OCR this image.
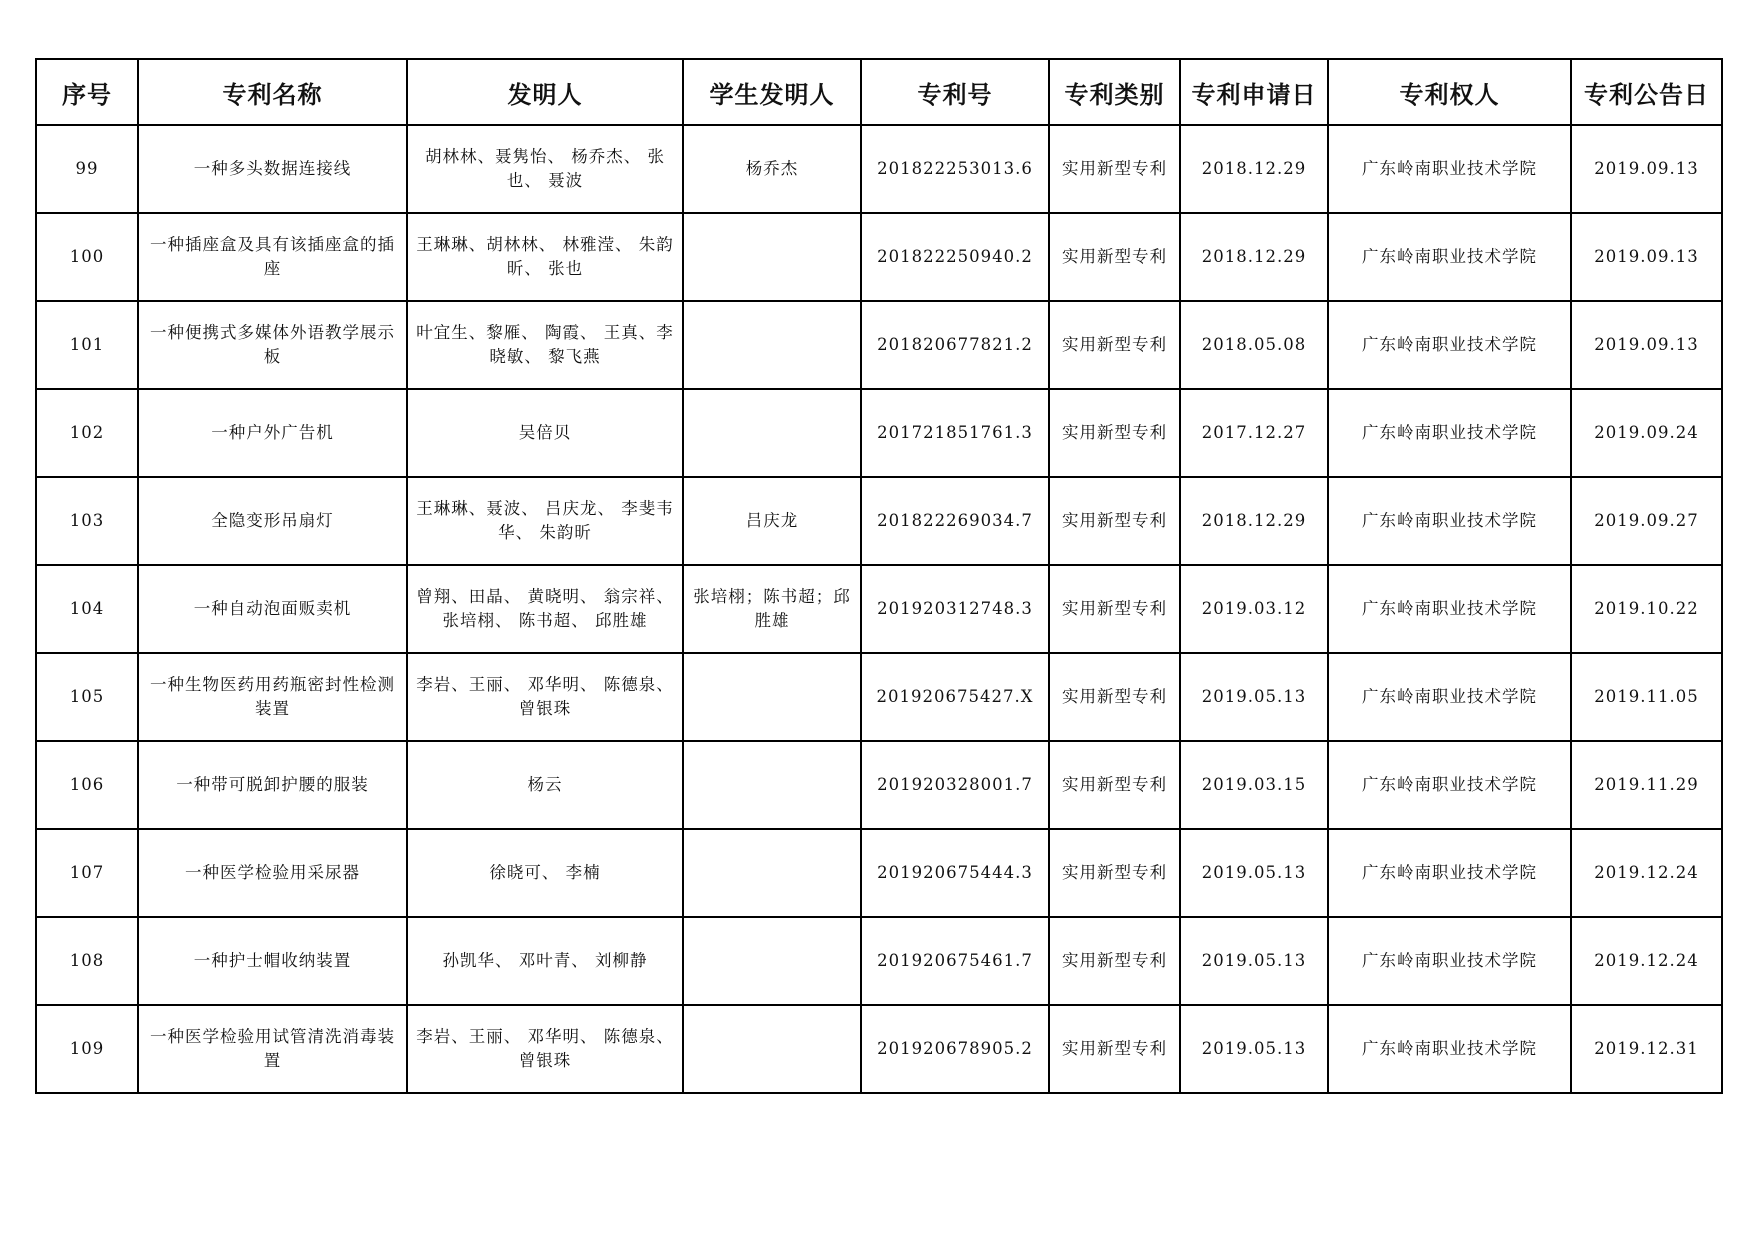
序号	专利名称	发明人	学生发明人	专利号	专利类别	专利申请日	专利权人	专利公告日
99	一种多头数据连接线	胡林林、聂隽怡、 杨乔杰、 张也、 聂波	杨乔杰	201822253013.6	实用新型专利	2018.12.29	广东岭南职业技术学院	2019.09.13
100	一种插座盒及具有该插座盒的插座	王琳琳、胡林林、 林雅滢、 朱韵昕、 张也		201822250940.2	实用新型专利	2018.12.29	广东岭南职业技术学院	2019.09.13
101	一种便携式多媒体外语教学展示板	叶宜生、黎雁、 陶霞、 王真、李晓敏、 黎飞燕		201820677821.2	实用新型专利	2018.05.08	广东岭南职业技术学院	2019.09.13
102	一种户外广告机	吴倍贝		201721851761.3	实用新型专利	2017.12.27	广东岭南职业技术学院	2019.09.24
103	全隐变形吊扇灯	王琳琳、聂波、 吕庆龙、 李斐韦华、 朱韵昕	吕庆龙	201822269034.7	实用新型专利	2018.12.29	广东岭南职业技术学院	2019.09.27
104	一种自动泡面贩卖机	曾翔、田晶、 黄晓明、 翁宗祥、 张培栩、 陈书超、 邱胜雄	张培栩；陈书超；邱胜雄	201920312748.3	实用新型专利	2019.03.12	广东岭南职业技术学院	2019.10.22
105	一种生物医药用药瓶密封性检测装置	李岩、王丽、 邓华明、 陈德泉、 曾银珠		201920675427.X	实用新型专利	2019.05.13	广东岭南职业技术学院	2019.11.05
106	一种带可脱卸护腰的服装	杨云		201920328001.7	实用新型专利	2019.03.15	广东岭南职业技术学院	2019.11.29
107	一种医学检验用采尿器	徐晓可、 李楠		201920675444.3	实用新型专利	2019.05.13	广东岭南职业技术学院	2019.12.24
108	一种护士帽收纳装置	孙凯华、 邓叶青、 刘柳静		201920675461.7	实用新型专利	2019.05.13	广东岭南职业技术学院	2019.12.24
109	一种医学检验用试管清洗消毒装置	李岩、王丽、 邓华明、 陈德泉、 曾银珠		201920678905.2	实用新型专利	2019.05.13	广东岭南职业技术学院	2019.12.31
